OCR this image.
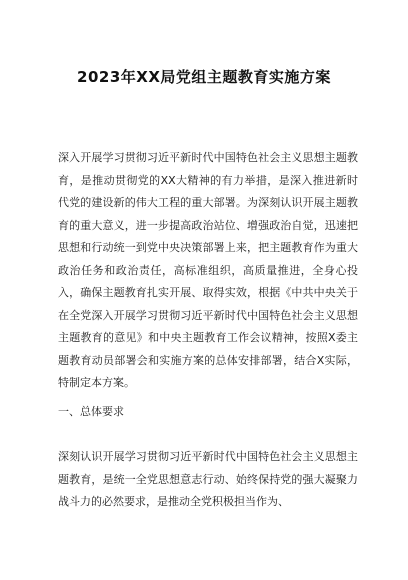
2023年XX局党组主题教育实施方案

深入开展学习贯彻习近平新时代中国特色社会主义思想主题教育，是推动贯彻党的XX大精神的有力举措，是深入推进新时代党的建设新的伟大工程的重大部署。为深刻认识开展主题教育的重大意义，进一步提高政治站位、增强政治自觉，迅速把思想和行动统一到党中央决策部署上来，把主题教育作为重大政治任务和政治责任，高标准组织，高质量推进，全身心投入，确保主题教育扎实开展、取得实效，根据《中共中央关于在全党深入开展学习贯彻习近平新时代中国特色社会主义思想主题教育的意见》和中央主题教育工作会议精神，按照X委主题教育动员部署会和实施方案的总体安排部署，结合X实际，特制定本方案。

一、总体要求

深刻认识开展学习贯彻习近平新时代中国特色社会主义思想主题教育，是统一全党思想意志行动、始终保持党的强大凝聚力战斗力的必然要求，是推动全党积极担当作为、
